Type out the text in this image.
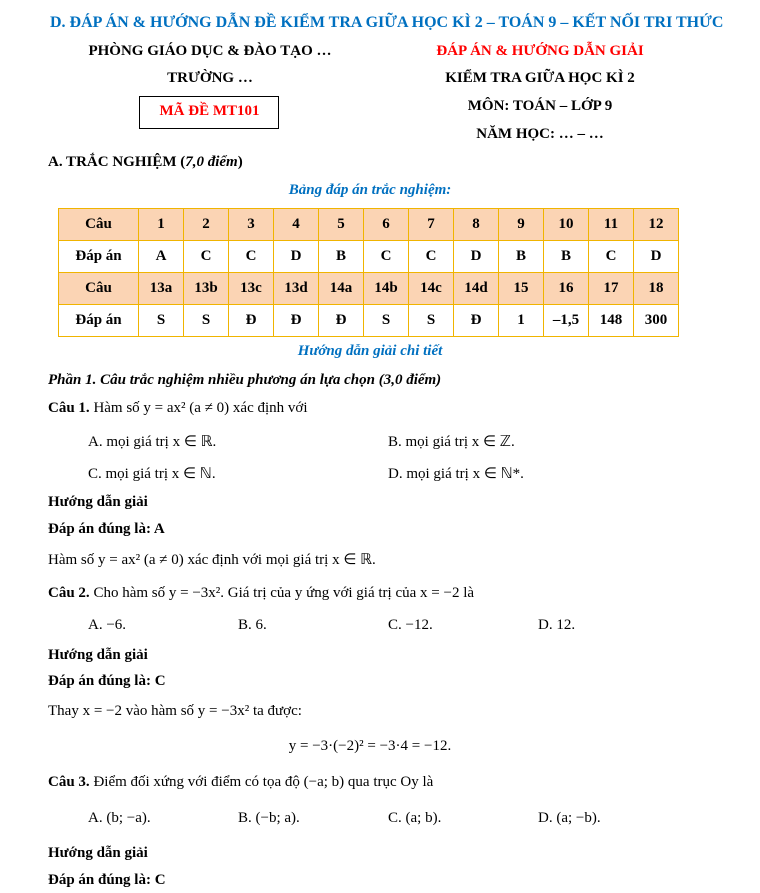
D. ĐÁP ÁN & HƯỚNG DẪN ĐỀ KIỂM TRA GIỮA HỌC KÌ 2 – TOÁN 9 – KẾT NỐI TRI THỨC
PHÒNG GIÁO DỤC & ĐÀO TẠO …
TRƯỜNG …
MÃ ĐỀ MT101
ĐÁP ÁN & HƯỚNG DẪN GIẢI
KIỂM TRA GIỮA HỌC KÌ 2
MÔN: TOÁN – LỚP 9
NĂM HỌC: … – …
A. TRẮC NGHIỆM (7,0 điểm)
Bảng đáp án trắc nghiệm:
Câu	1	2	3	4	5	6	7	8	9	10	11	12
Đáp án	A	C	C	D	B	C	C	D	B	B	C	D
Câu	13a	13b	13c	13d	14a	14b	14c	14d	15	16	17	18
Đáp án	S	S	Đ	Đ	Đ	S	S	Đ	1	–1,5	148	300
Hướng dẫn giải chi tiết
Phần 1. Câu trắc nghiệm nhiều phương án lựa chọn (3,0 điểm)
Câu 1. Hàm số y = ax² (a ≠ 0) xác định với
A. mọi giá trị x ∈ ℝ.	B. mọi giá trị x ∈ ℤ.
C. mọi giá trị x ∈ ℕ.	D. mọi giá trị x ∈ ℕ*.
Hướng dẫn giải
Đáp án đúng là: A
Hàm số y = ax² (a ≠ 0) xác định với mọi giá trị x ∈ ℝ.
Câu 2. Cho hàm số y = −3x². Giá trị của y ứng với giá trị của x = −2 là
A. −6.	B. 6.	C. −12.	D. 12.
Hướng dẫn giải
Đáp án đúng là: C
Thay x = −2 vào hàm số y = −3x² ta được:
y = −3·(−2)² = −3·4 = −12.
Câu 3. Điểm đối xứng với điểm có tọa độ (−a; b) qua trục Oy là
A. (b; −a).	B. (−b; a).	C. (a; b).	D. (a; −b).
Hướng dẫn giải
Đáp án đúng là: C
